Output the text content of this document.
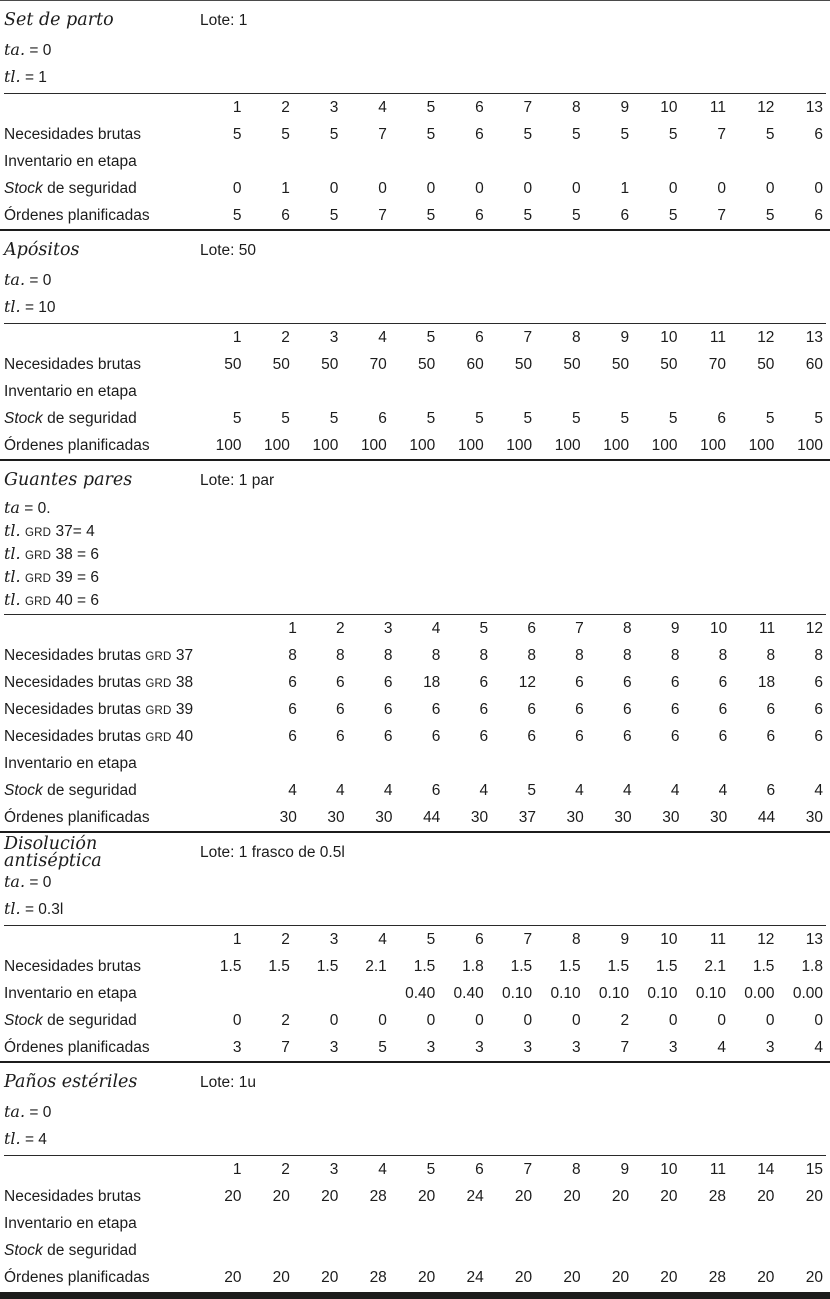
Set de parto	Lote: 1
ta. = 0
tl. = 1
	1	2	3	4	5	6	7	8	9	10	11	12	13
Necesidades brutas	5	5	5	7	5	6	5	5	5	5	7	5	6
Inventario en etapa													
Stock de seguridad	0	1	0	0	0	0	0	0	1	0	0	0	0
Órdenes planificadas	5	6	5	7	5	6	5	5	6	5	7	5	6
Apósitos	Lote: 50
ta. = 0
tl. = 10
	1	2	3	4	5	6	7	8	9	10	11	12	13
Necesidades brutas	50	50	50	70	50	60	50	50	50	50	70	50	60
Inventario en etapa													
Stock de seguridad	5	5	5	6	5	5	5	5	5	5	6	5	5
Órdenes planificadas	100	100	100	100	100	100	100	100	100	100	100	100	100
Guantes pares	Lote: 1 par
ta = 0.
tl. GRD 37= 4
tl. GRD 38 = 6
tl. GRD 39 = 6
tl. GRD 40 = 6
	1	2	3	4	5	6	7	8	9	10	11	12
Necesidades brutas GRD 37	8	8	8	8	8	8	8	8	8	8	8	8
Necesidades brutas GRD 38	6	6	6	18	6	12	6	6	6	6	18	6
Necesidades brutas GRD 39	6	6	6	6	6	6	6	6	6	6	6	6
Necesidades brutas GRD 40	6	6	6	6	6	6	6	6	6	6	6	6
Inventario en etapa												
Stock de seguridad	4	4	4	6	4	5	4	4	4	4	6	4
Órdenes planificadas	30	30	30	44	30	37	30	30	30	30	44	30
Disolución antiséptica	Lote: 1 frasco de 0.5l
ta. = 0
tl. = 0.3l
	1	2	3	4	5	6	7	8	9	10	11	12	13
Necesidades brutas	1.5	1.5	1.5	2.1	1.5	1.8	1.5	1.5	1.5	1.5	2.1	1.5	1.8
Inventario en etapa					0.40	0.40	0.10	0.10	0.10	0.10	0.10	0.00	0.00
Stock de seguridad	0	2	0	0	0	0	0	0	2	0	0	0	0
Órdenes planificadas	3	7	3	5	3	3	3	3	7	3	4	3	4
Paños estériles	Lote: 1u
ta. = 0
tl. = 4
	1	2	3	4	5	6	7	8	9	10	11	14	15
Necesidades brutas	20	20	20	28	20	24	20	20	20	20	28	20	20
Inventario en etapa													
Stock de seguridad													
Órdenes planificadas	20	20	20	28	20	24	20	20	20	20	28	20	20
